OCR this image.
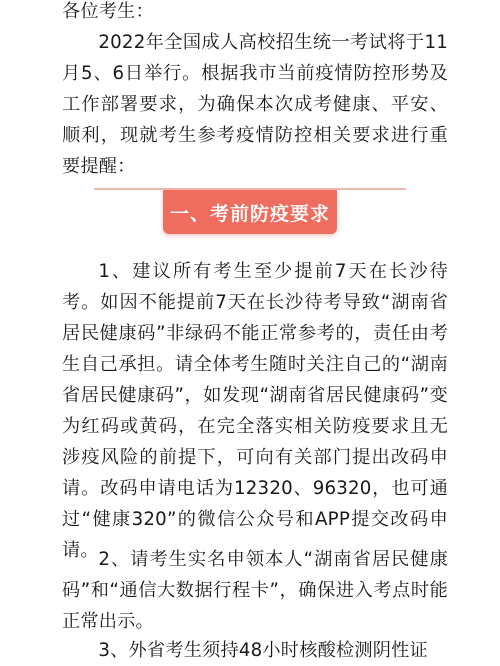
各位考生：

2022年全国成人高校招生统一考试将于11月5、6日举行。根据我市当前疫情防控形势及工作部署要求，为确保本次成考健康、平安、顺利，现就考生参考疫情防控相关要求进行重要提醒：

一、考前防疫要求

1、建议所有考生至少提前7天在长沙待考。如因不能提前7天在长沙待考导致“湖南省居民健康码”非绿码不能正常参考的，责任由考生自己承担。请全体考生随时关注自己的“湖南省居民健康码”，如发现“湖南省居民健康码”变为红码或黄码，在完全落实相关防疫要求且无涉疫风险的前提下，可向有关部门提出改码申请。改码申请电话为12320、96320，也可通过“健康320”的微信公众号和APP提交改码申请。 2、请考生实名申领本人“湖南省居民健康码”和“通信大数据行程卡”，确保进入考点时能正常出示。

3、外省考生须持48小时核酸检测阴性证
